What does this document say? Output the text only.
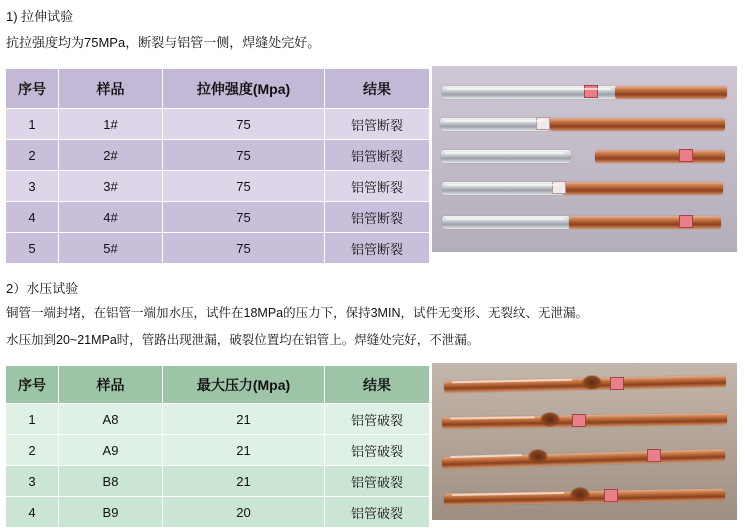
1) 拉伸试验
抗拉强度均为75MPa，断裂与铝管一侧，焊缝处完好。
序号	样品	拉伸强度(Mpa)	结果
1	1#	75	铝管断裂
2	2#	75	铝管断裂
3	3#	75	铝管断裂
4	4#	75	铝管断裂
5	5#	75	铝管断裂
2）水压试验
铜管一端封堵，在铝管一端加水压，试件在18MPa的压力下，保持3MIN，试件无变形、无裂纹、无泄漏。
水压加到20~21MPa时，管路出现泄漏，破裂位置均在铝管上。焊缝处完好，不泄漏。
序号	样品	最大压力(Mpa)	结果
1	A8	21	铝管破裂
2	A9	21	铝管破裂
3	B8	21	铝管破裂
4	B9	20	铝管破裂
